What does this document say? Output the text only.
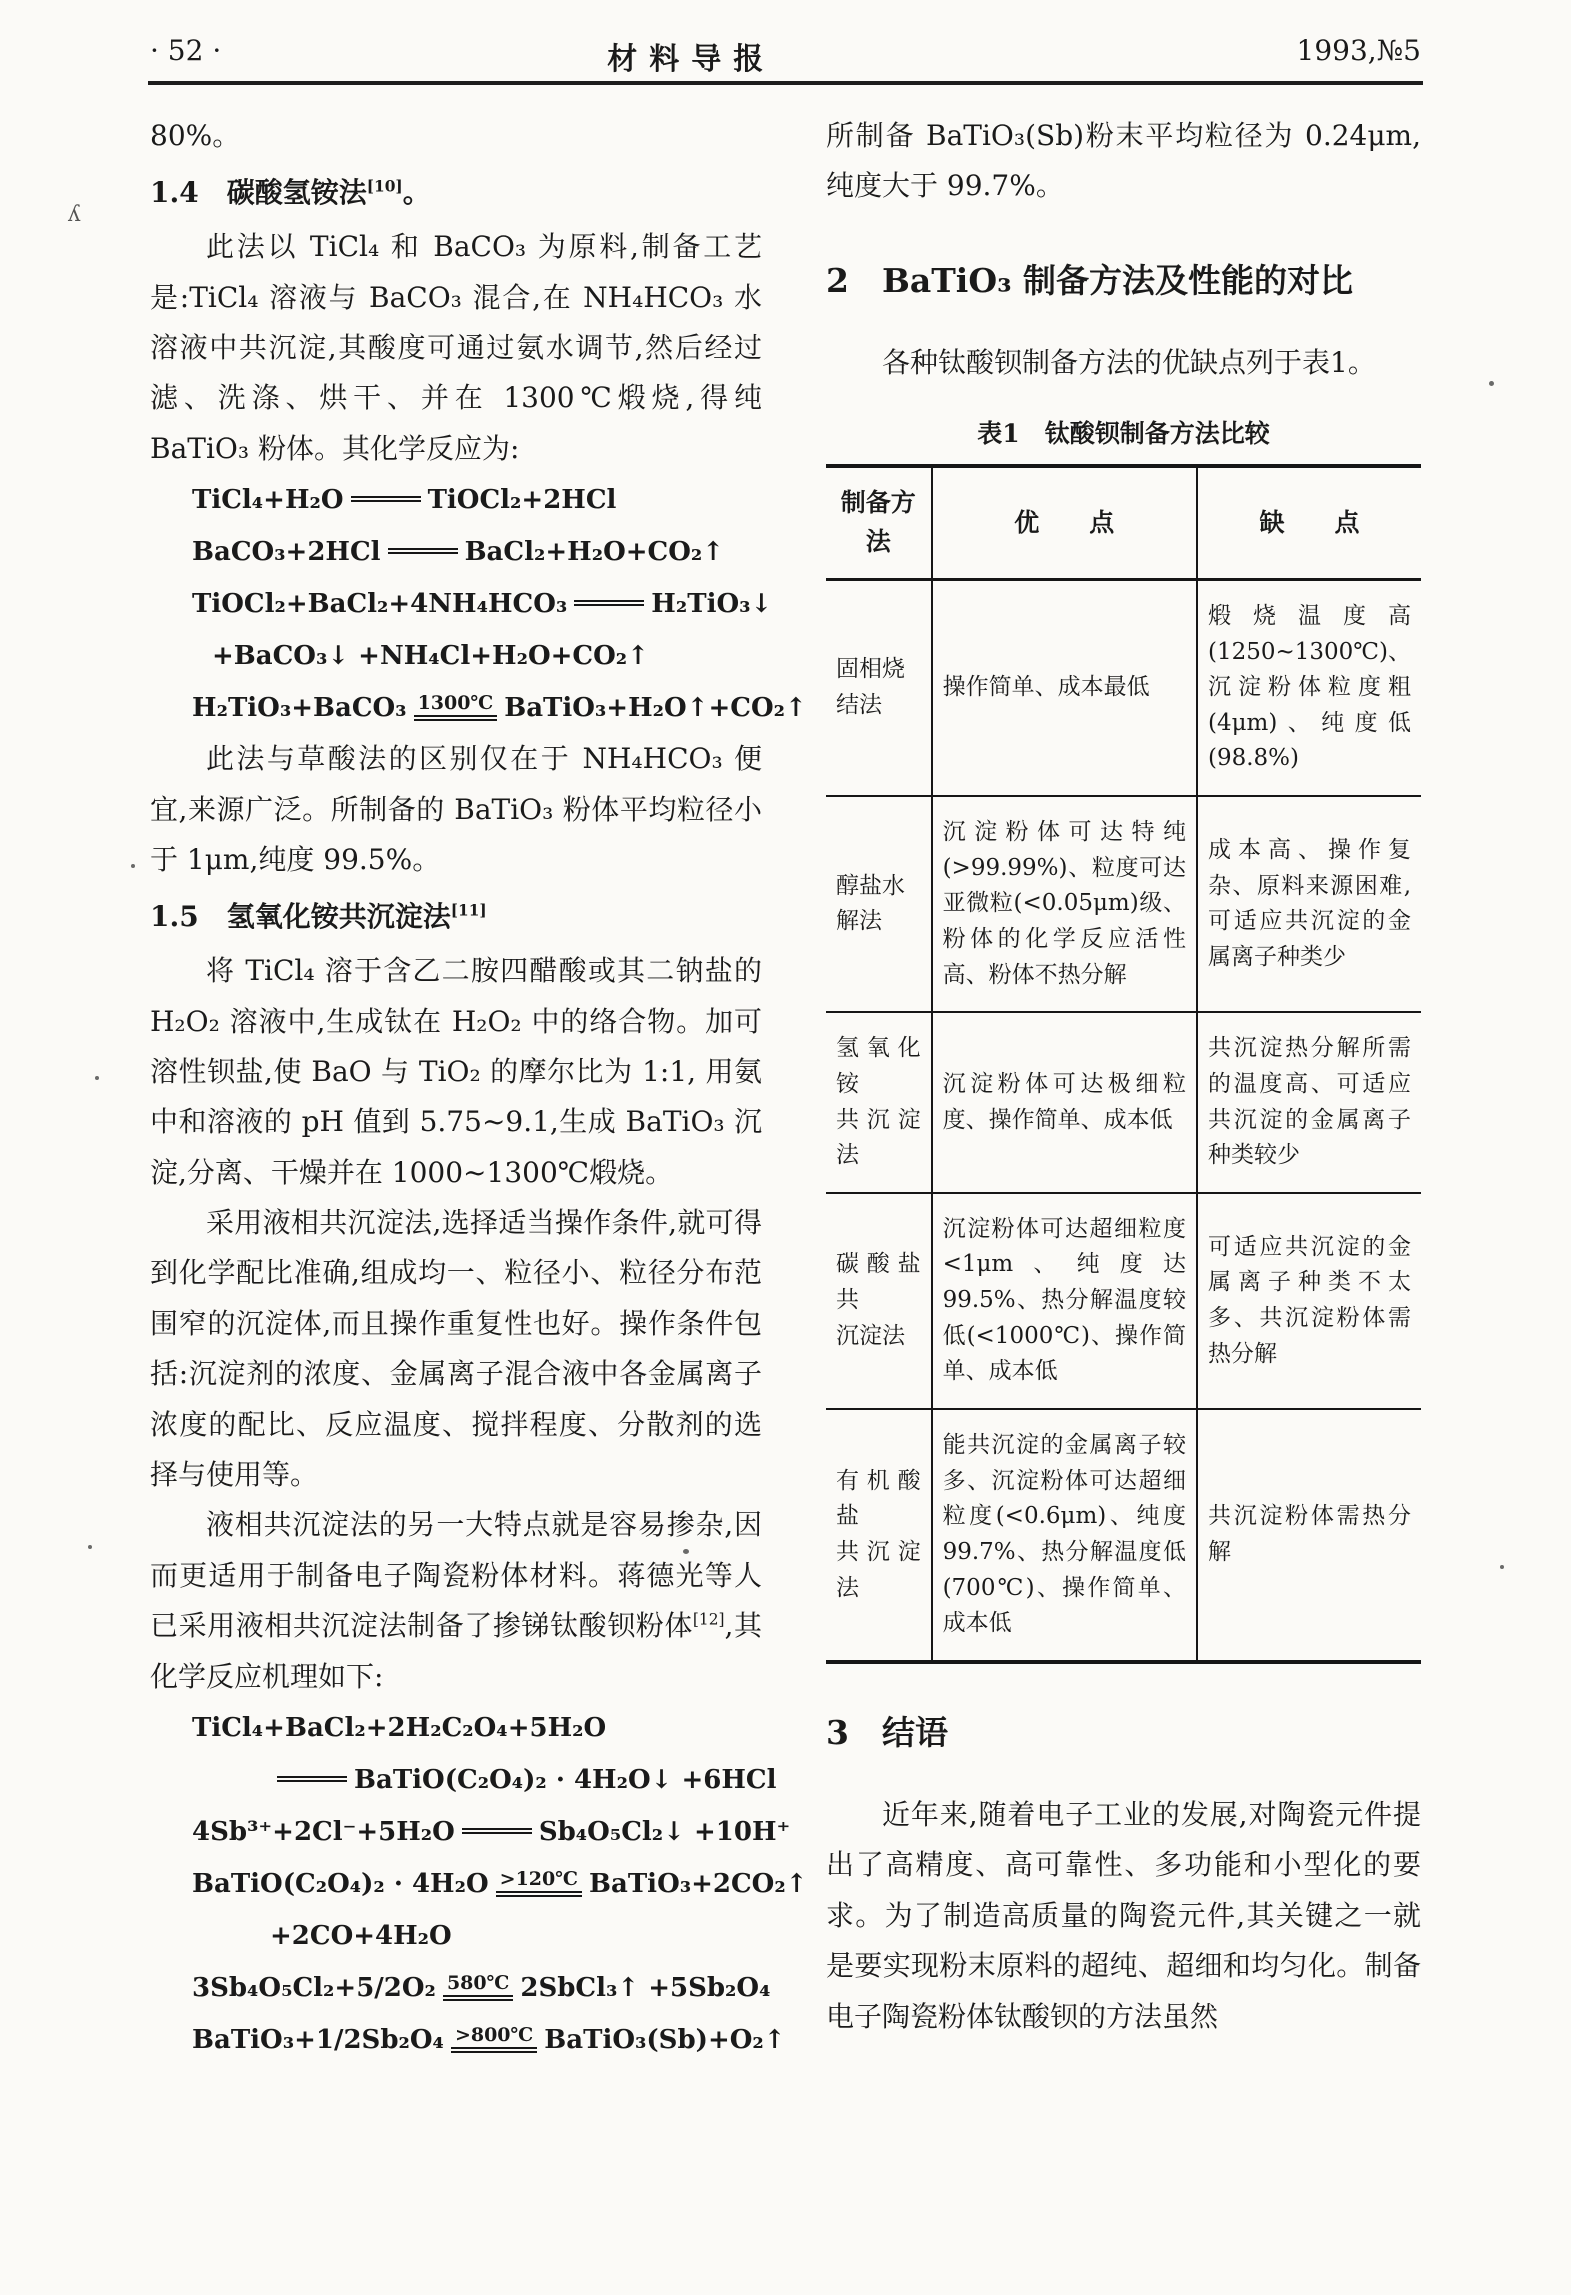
· 52 ·	材料导报	1993,№5

80%。

1.4　碳酸氢铵法[10]。

此法以 TiCl₄ 和 BaCO₃ 为原料,制备工艺是:TiCl₄ 溶液与 BaCO₃ 混合,在 NH₄HCO₃ 水溶液中共沉淀,其酸度可通过氨水调节,然后经过滤、洗涤、烘干、并在 1300℃煅烧,得纯 BaTiO₃ 粉体。其化学反应为:

TiCl₄+H₂O	TiOCl₂+2HCl
BaCO₃+2HCl	BaCl₂+H₂O+CO₂↑
TiOCl₂+BaCl₂+4NH₄HCO₃	H₂TiO₃↓
+BaCO₃↓ +NH₄Cl+H₂O+CO₂↑
H₂TiO₃+BaCO₃ 1300℃ BaTiO₃+H₂O↑+CO₂↑

此法与草酸法的区别仅在于 NH₄HCO₃ 便宜,来源广泛。所制备的 BaTiO₃ 粉体平均粒径小于 1μm,纯度 99.5%。

1.5　氢氧化铵共沉淀法[11]

将 TiCl₄ 溶于含乙二胺四醋酸或其二钠盐的 H₂O₂ 溶液中,生成钛在 H₂O₂ 中的络合物。加可溶性钡盐,使 BaO 与 TiO₂ 的摩尔比为 1:1, 用氨中和溶液的 pH 值到 5.75~9.1,生成 BaTiO₃ 沉淀,分离、干燥并在 1000~1300℃煅烧。

采用液相共沉淀法,选择适当操作条件,就可得到化学配比准确,组成均一、粒径小、粒径分布范围窄的沉淀体,而且操作重复性也好。操作条件包括:沉淀剂的浓度、金属离子混合液中各金属离子浓度的配比、反应温度、搅拌程度、分散剂的选择与使用等。

液相共沉淀法的另一大特点就是容易掺杂,因而更适用于制备电子陶瓷粉体材料。蒋德光等人已采用液相共沉淀法制备了掺锑钛酸钡粉体[12],其化学反应机理如下:

TiCl₄+BaCl₂+2H₂C₂O₄+5H₂O
BaTiO(C₂O₄)₂ · 4H₂O↓ +6HCl
4Sb³⁺+2Cl⁻+5H₂O	Sb₄O₅Cl₂↓ +10H⁺
BaTiO(C₂O₄)₂ · 4H₂O >120℃ BaTiO₃+2CO₂↑
+2CO+4H₂O
3Sb₄O₅Cl₂+5/2O₂ 580℃ 2SbCl₃↑ +5Sb₂O₄
BaTiO₃+1/2Sb₂O₄ >800℃ BaTiO₃(Sb)+O₂↑

所制备 BaTiO₃(Sb)粉末平均粒径为 0.24μm,纯度大于 99.7%。

2　BaTiO₃ 制备方法及性能的对比

各种钛酸钡制备方法的优缺点列于表1。

表1　钛酸钡制备方法比较
制备方法	优　　点	缺　　点
固相烧
结法	操作简单、成本最低	煅烧温度高(1250~1300℃)、沉淀粉体粒度粗(4μm)、纯度低(98.8%)
醇盐水
解法	沉淀粉体可达特纯(>99.99%)、粒度可达亚微粒(<0.05μm)级、粉体的化学反应活性高、粉体不热分解	成本高、操作复杂、原料来源困难,可适应共沉淀的金属离子种类少
氢氧化铵
共沉淀法	沉淀粉体可达极细粒度、操作简单、成本低	共沉淀热分解所需的温度高、可适应共沉淀的金属离子种类较少
碳酸盐共
沉淀法	沉淀粉体可达超细粒度<1μm、纯度达99.5%、热分解温度较低(<1000℃)、操作简单、成本低	可适应共沉淀的金属离子种类不太多、共沉淀粉体需热分解
有机酸盐
共沉淀法	能共沉淀的金属离子较多、沉淀粉体可达超细粒度(<0.6μm)、纯度 99.7%、热分解温度低(700℃)、操作简单、成本低	共沉淀粉体需热分解
3　结语

近年来,随着电子工业的发展,对陶瓷元件提出了高精度、高可靠性、多功能和小型化的要求。为了制造高质量的陶瓷元件,其关键之一就是要实现粉末原料的超纯、超细和均匀化。制备电子陶瓷粉体钛酸钡的方法虽然

ʎ
